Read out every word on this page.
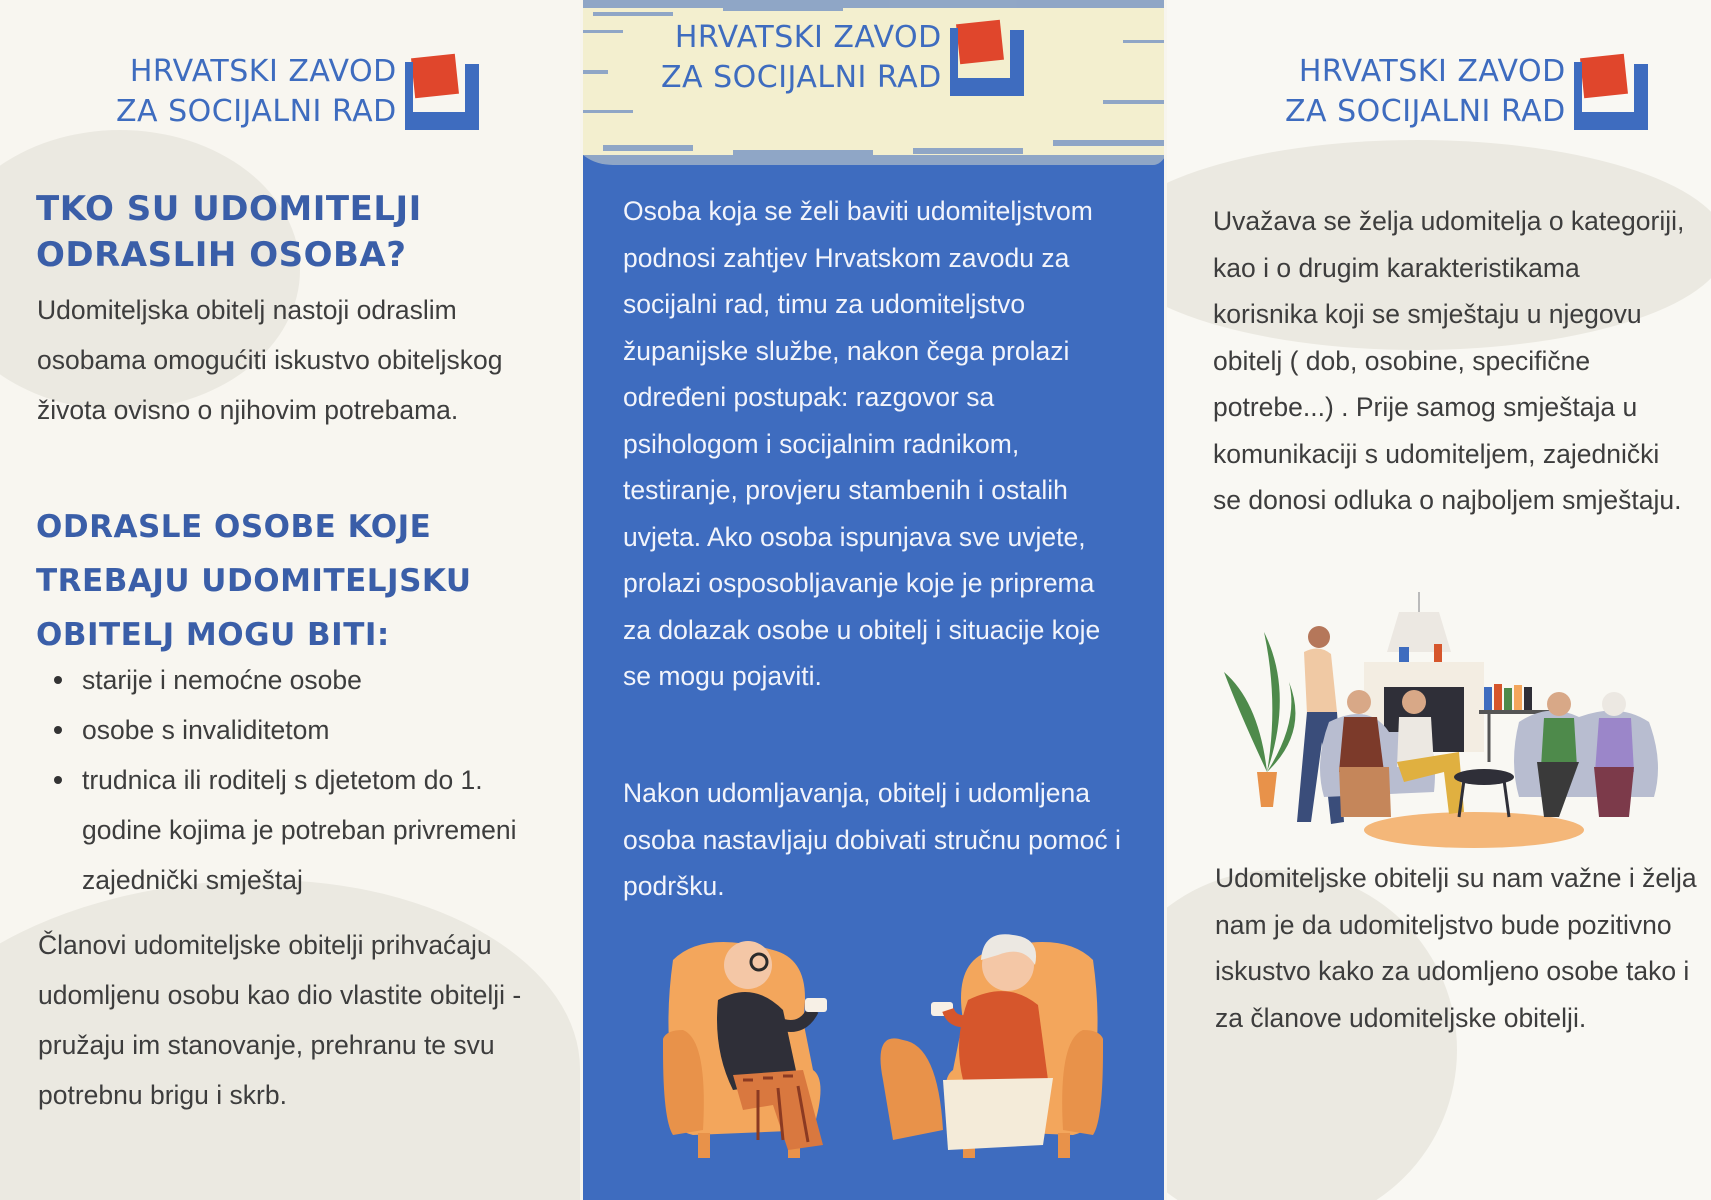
HRVATSKI ZAVOD
ZA SOCIJALNI RAD
TKO SU UDOMITELJI ODRASLIH OSOBA?
Udomiteljska obitelj nastoji odraslim osobama omogućiti iskustvo obiteljskog života ovisno o njihovim potrebama.
ODRASLE OSOBE KOJE TREBAJU UDOMITELJSKU OBITELJ MOGU BITI:
starije i nemoćne osobe
osobe s invaliditetom
trudnica ili roditelj s djetetom do 1. godine kojima je potreban privremeni zajednički smještaj
Članovi udomiteljske obitelji prihvaćaju udomljenu osobu kao dio vlastite obitelji - pružaju im stanovanje, prehranu te svu potrebnu brigu i skrb.
HRVATSKI ZAVOD
ZA SOCIJALNI RAD
Osoba koja se želi baviti udomiteljstvom podnosi zahtjev Hrvatskom zavodu za socijalni rad, timu za udomiteljstvo županijske službe, nakon čega prolazi određeni postupak: razgovor sa psihologom i socijalnim radnikom, testiranje, provjeru stambenih i ostalih uvjeta. Ako osoba ispunjava sve uvjete, prolazi osposobljavanje koje je priprema za dolazak osobe u obitelj i situacije koje se mogu pojaviti.
Nakon udomljavanja, obitelj i udomljena osoba nastavljaju dobivati stručnu pomoć i podršku.
HRVATSKI ZAVOD
ZA SOCIJALNI RAD
Uvažava se želja udomitelja o kategoriji, kao i o drugim karakteristikama korisnika koji se smještaju u njegovu obitelj ( dob, osobine, specifične potrebe...) . Prije samog smještaja u komunikaciji s udomiteljem, zajednički se donosi odluka o najboljem smještaju.
Udomiteljske obitelji su nam važne i želja nam je da udomiteljstvo bude pozitivno iskustvo kako za udomljeno osobe tako i za članove udomiteljske obitelji.
